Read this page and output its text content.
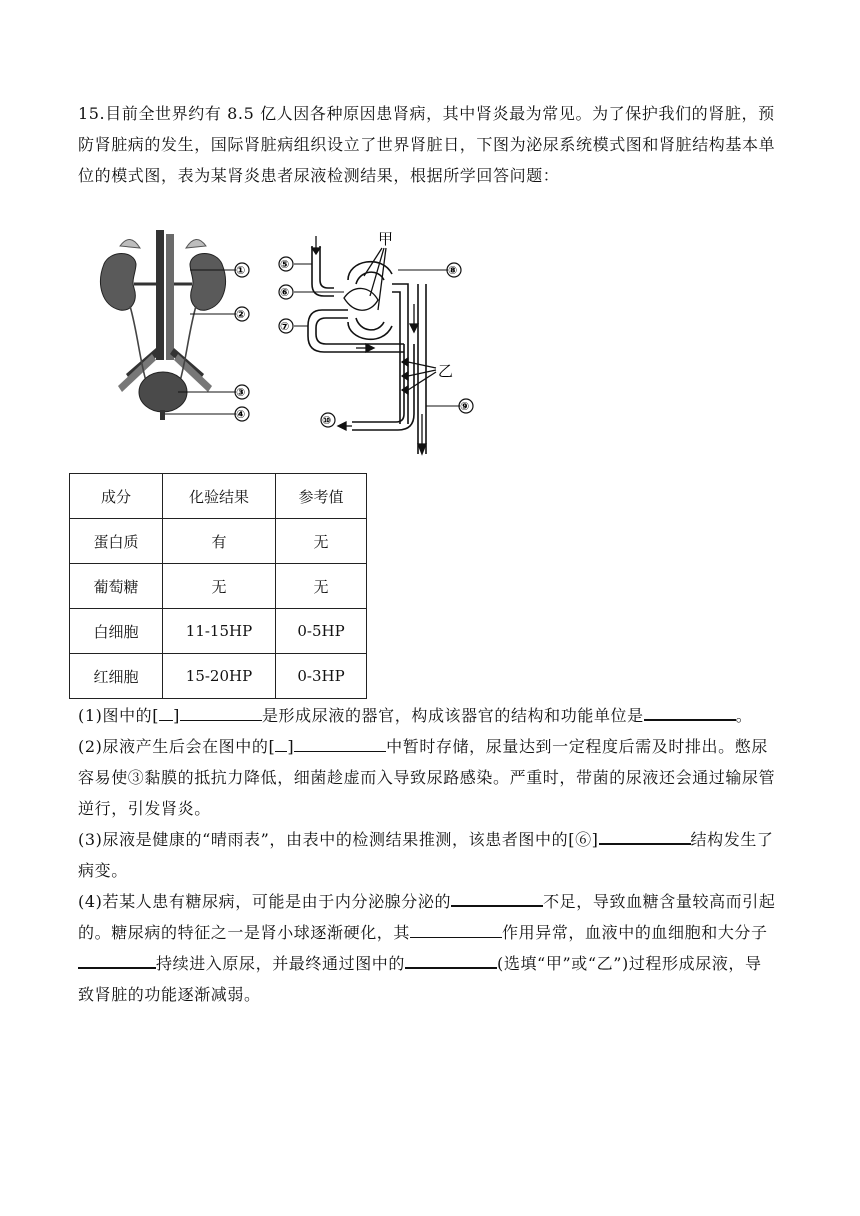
15.目前全世界约有 8.5 亿人因各种原因患肾病，其中肾炎最为常见。为了保护我们的肾脏，预防肾脏病的发生，国际肾脏病组织设立了世界肾脏日，下图为泌尿系统模式图和肾脏结构基本单位的模式图，表为某肾炎患者尿液检测结果，根据所学回答问题：
①
②
③
④
⑤
⑥
⑦
⑧
⑨
⑩
甲
乙
成分	化验结果	参考值
蛋白质	有	无
葡萄糖	无	无
白细胞	11-15HP	0-5HP
红细胞	15-20HP	0-3HP
(1)图中的[ ]	是形成尿液的器官，构成该器官的结构和功能单位是	。
(2)尿液产生后会在图中的[ ]	中暂时存储，尿量达到一定程度后需及时排出。憋尿容易使③黏膜的抵抗力降低，细菌趁虚而入导致尿路感染。严重时，带菌的尿液还会通过输尿管逆行，引发肾炎。
(3)尿液是健康的“晴雨表”，由表中的检测结果推测，该患者图中的[⑥]	结构发生了病变。
(4)若某人患有糖尿病，可能是由于内分泌腺分泌的	不足，导致血糖含量较高而引起的。糖尿病的特征之一是肾小球逐渐硬化，其	作用异常，血液中的血细胞和大分子持续进入原尿，并最终通过图中的	(选填“甲”或“乙”)过程形成尿液，导致肾脏的功能逐渐减弱。
